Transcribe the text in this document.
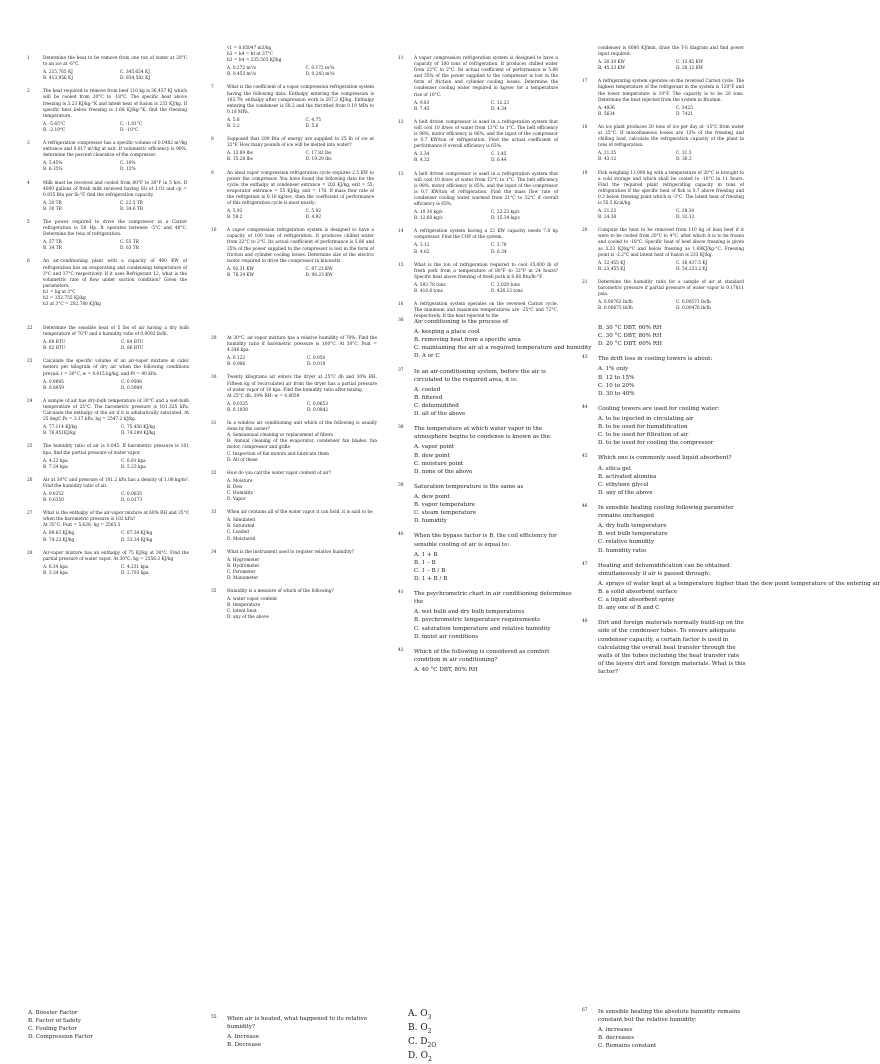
1	Determine the heat to be remove from one ton of water at 20°C to an ice at -6°C.
A. 215,765 KJ	C. 345,654 KJ
B. 413,956 KJ	D. 834,582 KJ
2	The heat required to remove from beef 110 kg is 36,437 KJ which will be cooled from 20°C to -18°C. The specific heat above freezing is 3.23 KJ/kg-°K and latent heat of fusion is 233 KJ/kg. If specific heat below freezing is 1.68 KJ/kg-°K, find the freezing temperature.
A. -5.65°C	C. -1.01°C
B. -2.19°C	D. -10°C
3	A refrigeration compressor has a specific volume of 0.0482 m³/kg entrance and 0.017 m³/kg at exit. If volumetric efficiency is 90%, determine the percent clearance of the compressor.
A. 5.45%	C. 10%
B. 6.35%	D. 12%
4	Milk must be received and cooled from 80°F to 38°F in 5 hrs. If 4000 gallons of fresh milk received having SG of 1.03 and cp = 0.935 Btu per lb-°F, find the refrigeration capacity.
A. 20 TR	C. 22.5 TR
B. 30 TR	D. 34.6 TR
5	The power required to drive the compressor in a Carnot refrigeration is 50 Hp. It operates between -5°C and 40°C. Determine the tons of refrigeration.
A. 57 TR	C. 55 TR
B. 34 TR	D. 63 TR
6	An air-conditioning plant with a capacity of 400 KW of refrigeration has an evaporating and condensing temperature of 3°C and 37°C respectively. If it uses Refrigerant 12, what is the volumetric rate of flow under suction condition? Given the parameters:
h1 = hg at 3°C
h2 = 352.755 KJ/kg
h3 at 3°C = 202.780 KJ/kg
v1 = 0.05047 m3/kg
h3 = h4 = hf at 37°C
h3 = h4 = 235.503 KJ/kg
A. 0.272 m³/s	C. 0.172 m³/s
B. 0.453 m³/s	D. 0.243 m³/s
7	What is the coefficient of a vapor compression refrigeration system having the following data: Enthalpy entering the compression is 183.79; enthalpy after compression work is 207.3 KJ/kg. Enthalpy entering the condenser is 58.2 and the throttled from 0.19 MPa to 0.18 MPa.
A. 5.8	C. 4.75
B. 3.2	D. 5.6
8	Supposed that 200 Btu of energy are supplied to 25 lb of ice at 32°F. How many pounds of ice will be melted into water?
A. 13.89 lbs	C. 17.82 lbs
B. 15.28 lbs	D. 19.29 lbs
9	An ideal vapor compression refrigeration cycle requires 2.5 KW to power the compressor. You have found the following data for the cycle: the enthalpy at condenser entrance = 203 KJ/kg, exit = 55; evaporator entrance = 55 KJ/kg, exit = 178. If mass flow rate of the refrigerant is 0.10 kg/sec, then the coefficient of performance of this refrigeration cycle is most nearly:
A. 5.92	C. 5.92
B. 59.2	D. 4.92
10	A vapor compression refrigeration system is designed to have a capacity of 100 tons of refrigeration. It produces chilled water from 22°C to 2°C. Its actual coefficient of performance is 5.86 and 35% of the power supplied to the compressor is lost in the form of friction and cylinder cooling losses. Determine size of the electric motor required to drive the compressor in kilowatts.
A. 92.31 KW	C. 87.23 KW
B. 76.34 KW	D. 98.23 KW
11	A vapor compression refrigeration system is designed to have a capacity of 100 tons of refrigeration. It produces chilled water from 22°C to 2°C. Its actual coefficient of performance is 5.86 and 35% of the power supplied to the compressor is lost in the form of friction and cylinder cooling losses. Determine the condenser cooling water required in kg/sec for a temperature rise of 10°C.
A. 9.83	C. 12.23
B. 7.45	D. 4.34
12	A belt driven compressor is used in a refrigeration system that will cool 10 lt/sec of water from 13°C to 1°C. The belt efficiency is 98%, motor efficiency is 86%, and the input of the compressor is 0.7 KW/ton of refrigeration. Find the actual coefficient of performance if overall efficiency is 65%.
A. 2.34	C. 3.45
B. 4.32	D. 6.44
13	A belt driven compressor is used in a refrigeration system that will cool 10 lt/sec of water from 13°C to 1°C. The belt efficiency is 98%, motor efficiency is 85%, and the input of the compressor is 0.7 KW/ton of refrigeration. Find the mass flow rate of condenser cooling water warmed from 21°C to 32°C if overall efficiency is 65%.
A. 10.34 kg/s	C. 23.23 kg/s
B. 12.60 kg/s	D. 15.34 kg/s
14	A refrigeration system having a 22 KW capacity needs 7.8 hp compressor. Find the COP of the system.
A. 3.12	C. 3.78
B. 4.62	D. 6.34
15	What is the ton of refrigeration required to cool 15,000 lb of fresh pork from a temperature of 80°F to 32°F in 24 hours? Specific heat above freezing of fresh pork is 0.68 Btu/lb-°F.
A. 593.78 tons	C. 2,020 tons
B. 410.6 tons	D. 426.12 tons
16	A refrigeration system operates on the reversed Carnot cycle. The minimum and maximum temperatures are -25°C and 72°C, respectively. If the heat rejected to the
condenser is 6000 KJ/min, draw the T-S diagram and find power input required.
A. 20.34 KW	C. 13.45 KW
B. 45.33 KW	D. 28.12 KW
17	A refrigerating system operates on the reversed Carnot cycle. The highest temperature of the refrigerant in the system is 120°F and the lower temperature is 10°F. The capacity is to be 20 tons. Determine the heat rejected from the system in Btu/min.
A. 4936	C. 3423
B. 5634	D. 7421
18	An ice plant produces 20 tons of ice per day at -15°C from water at 25°C. If miscellaneous losses are 12% of the freezing and chilling load, calculate the refrigeration capacity of the plant in tons of refrigeration.
A. 21.35	C. 31.5
B. 43.12	D. 36.3
19	Fish weighing 11,000 kg with a temperature of 20°C is brought to a cold storage and which shall be cooled to -10°C in 11 hours. Find the required plant refrigerating capacity in tons of refrigeration if the specific heat of fish is 0.7 above freezing and 0.3 below freezing point which is -3°C. The latent heat of freezing is 55.5 Kcal/kg.
A. 21.23	C. 28.34
B. 24.38	D. 32.12
20	Compute the heat to be removed from 110 kg of lean beef if it were to be cooled from 20°C to 4°C, after which it is to be frozen and cooled to -18°C. Specific heat of beef above freezing is given as 3.23 KJ/kg°C and below freezing as 1.68KJ/kg-°C. Freezing point is -2.2°C and latent heat of fusion is 233 KJ/kg.
A. 32,455 KJ	C. 36,437.5 KJ
B. 23,455 KJ	D. 54,223.2 KJ
21	Determine the humidity ratio for a sample of air at standard barometric pressure if partial pressure of water vapor is 0.17811 psia.
A. 0.00763 lb/lb	C. 0.00573 lb/lb
B. 0.00673 lb/lb	D. 0.00476 lb/lb
22	Determine the sensible heat of 5 lbs of air having a dry bulb temperature of 70°F and a humidity ratio of 0.0092 lb/lb.
A. 60 BTU	C. 84 BTU
B. 82 BTU	D. 86 BTU
23	Calculate the specific volume of an air-vapor mixture in cubic meters per kilogram of dry air when the following conditions prevail: t = 30°C, w = 0.015 kg/kg, and Pt = 90 kPa.
A. 0.9895	C. 0.9598
B. 0.8959	D. 0.5989
24	A sample of air has dry-bulb temperature of 30°C and a wet-bulb temperature of 25°C. The barometric pressure is 101.325 kPa. Calculate the enthalpy of the air if it is adiabatically saturated. At 25 degC Ps = 3.17 kPa, hg = 2547.2 kJ/kg.
A. 77.114 KJ/kg	C. 75.456 KJ/kg
B. 76.451KJ/kg	D. 74.289 KJ/kg
25	The humidity ratio of air is 0.045. If barometric pressure is 101 kpa, find the partial pressure of water vapor.
A. 4.23 kpa	C. 6.81 kpa
B. 7.34 kpa	D. 5.23 kpa
26	Air at 30°C and pressure of 101.2 kPa has a density of 1.08 kg/m³. Find the humidity ratio of air.
A. 0.0352	C. 0.0635
B. 0.6350	D. 0.0173
27	What is the enthalpy of the air-vapor mixture at 60% RH and 35°C when the barometric pressure is 102 kPa?
At 35°C: Psat = 5.628, hg = 2565.3
A. 89.63 KJ/kg	C. 67.34 KJ/kg
B. 74.23 KJ/kg	D. 53.34 KJ/kg
28	Air-vapor mixture has an enthalpy of 75 KJ/kg at 30°C. Find the partial pressure of water vapor. At 30°C: hg = 2556.3 KJ/kg
A. 6.34 kpa	C. 4.231 kpa
B. 3.34 kpa	D. 2.793 kpa
29	At 30°C, air-vapor mixture has a relative humidity of 70%. Find the humidity ratio if barometric pressure is 100°C. At 30°C, Psat = 4.246 kpa.
A. 0.123	C. 0.054
B. 0.986	D. 0.019
30	Twenty kilograms air enters the dryer at 25°C db and 30% RH. Fifteen kg of recirculated air from the dryer has a partial pressure of water vapor of 10 kpa. Find the humidity ratio after mixing.
At 25°C db, 30% RH: w = 0.0059
A. 0.0325	C. 0.0653
B. 0.1930	D. 0.0842
31	In a window air conditioning unit which of the following is usually done by the owner?
A. Semiannual cleaning or replacement of filters
B. Annual cleaning of the evaporator, condenser fan blades, fan motor, compressor and grille
C. Inspection of fan motors and lubricate them
D. All of these
32	How do you call the water vapor content of air?
A. Moisture
B. Dew
C. Humidity
D. Vapor
33	When air contains all of the water vapor it can hold, it is said to be
A. Simulated
B. Saturated
C. Loaded
D. Moistured
34	What is the instrument used to register relative humidity?
A. Hygrometer
B. Hydrometer
C. Psrometer
D. Manometer
35	Humidity is a measure of which of the following?
A. water vapor content
B. temperature
C. latent heat
D. any of the above
36	Air conditioning is the process of
A. keeping a place cool
B. removing heat from a specific area
C. maintaining the air at a required temperature and humidity
D. A or C
37	In an air-conditioning system, before the air is circulated to the required area, it is:
A. cooled
B. filtered
C. dehumidified
D. all of the above
38	The temperature at which water vapor in the atmosphere begins to condense is known as the:
A. vapor point
B. dew point
C. moisture point
D. none of the above
39	Saturation temperature is the same as
A. dew point
B. vapor temperature
C. steam temperature
D. humidity
40	When the bypass factor is B, the coil efficiency for sensible cooling of air is equal to:
A. 1 + B
B. 1 – B
C. 1 – B / B
D. 1 + B / B
41	The psychrometric chart in air conditioning determines the
A. wet bulb and dry bulb temperatures
B. psychrometric temperature requirements
C. saturation temperature and relative humidity
D. moist air conditions
42	Which of the following is considered as comfort condition in air conditioning?
A. 40 °C DBT, 80% RH
B. 30 °C DBT, 60% RH
C. 30 °C DBT, 80% RH
D. 20 °C DBT, 60% RH
43	The drift loss in cooling towers is about:
A. 1% only
B. 12 to 15%
C. 10 to 20%
D. 30 to 40%
44	Cooling towers are used for cooling water:
A. to be injected in circulating air
B. to be used for humidification
C. to be used for filtration of air
D. to be used for cooling the compressor
45	Which one is commonly used liquid absorbent?
A. silica gel
B. activated alumina
C. ethylene glycol
D. any of the above
46	In sensible heating cooling following parameter remains unchanged
A. dry bulb temperature
B. wet bulb temperature
C. relative humidity
D. humidity ratio
47	Heating and dehumidification can be obtained simultaneously if air is passed through:
A. sprays of water kept at a temperature higher than the dew point temperature of the entering air
B. a solid absorbent surface
C. a liquid absorbent spray
D. any one of B and C
48	Dirt and foreign materials normally build-up on the side of the condenser tubes. To ensure adequate condenser capacity, a certain factor is used in calculating the overall heat transfer through the walls of the tubes including the heat transfer rate of the layers dirt and foreign materials. What is this factor?
A. Booster Factor
B. Factor of Safety
C. Fouling Factor
D. Compression Factor
55	When air is heated, what happened to its relative humidity?
A. Increase
B. Decrease
A. $O_3$
B. $O_2$
C. $D_{2O}$
D. $O_2$
67	In sensible heating the absolute humidity remains constant but the relative humidity:
A. increases
B. decreases
C. Remains constant
